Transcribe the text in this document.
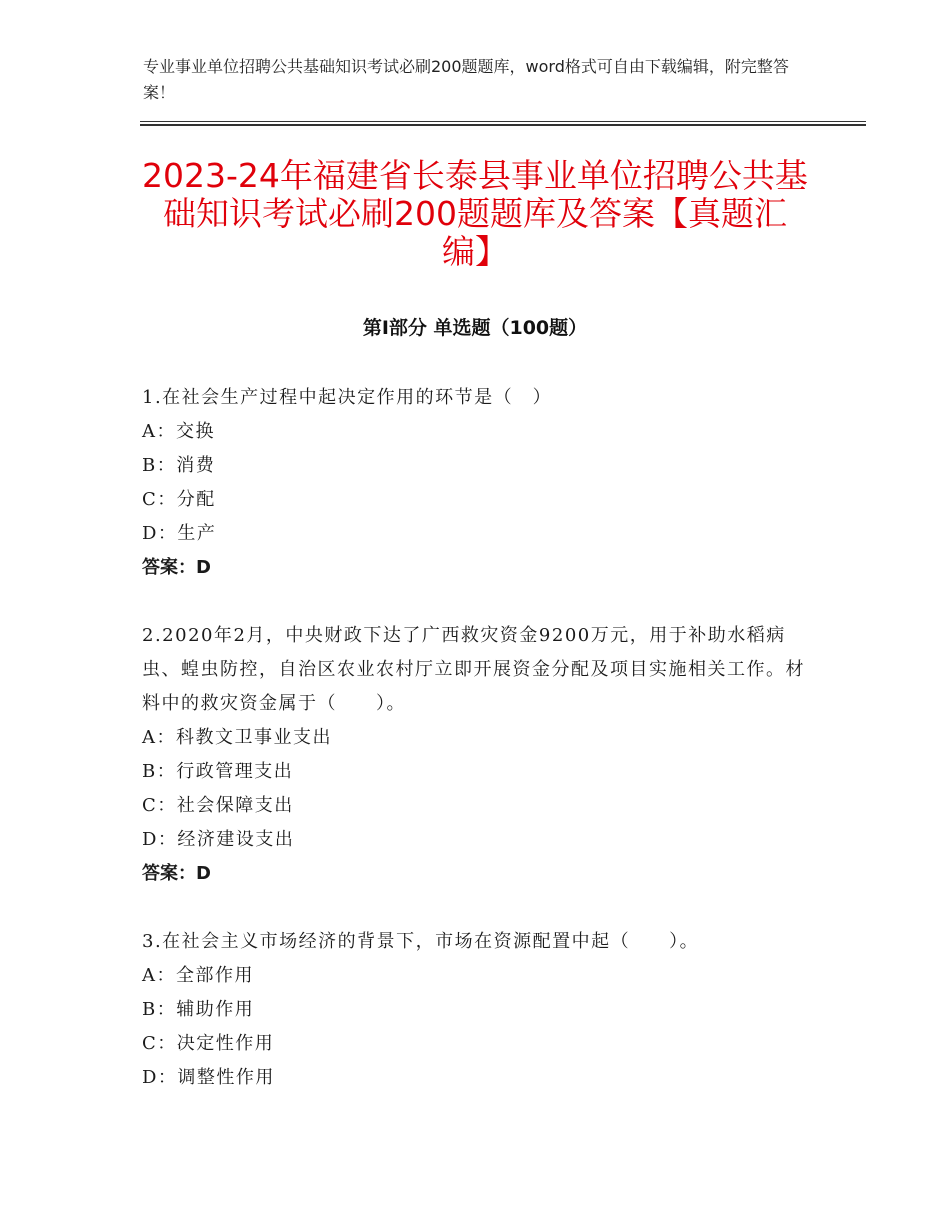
专业事业单位招聘公共基础知识考试必刷200题题库，word格式可自由下载编辑，附完整答案！
2023-24年福建省长泰县事业单位招聘公共基础知识考试必刷200题题库及答案【真题汇编】
第Ⅰ部分 单选题（100题）

1.在社会生产过程中起决定作用的环节是（　）

A：交换

B：消费

C：分配

D：生产

答案：D

2.2020年2月，中央财政下达了广西救灾资金9200万元，用于补助水稻病虫、蝗虫防控，自治区农业农村厅立即开展资金分配及项目实施相关工作。材料中的救灾资金属于（　　）。

A：科教文卫事业支出

B：行政管理支出

C：社会保障支出

D：经济建设支出

答案：D

3.在社会主义市场经济的背景下，市场在资源配置中起（　　）。

A：全部作用

B：辅助作用

C：决定性作用

D：调整性作用
